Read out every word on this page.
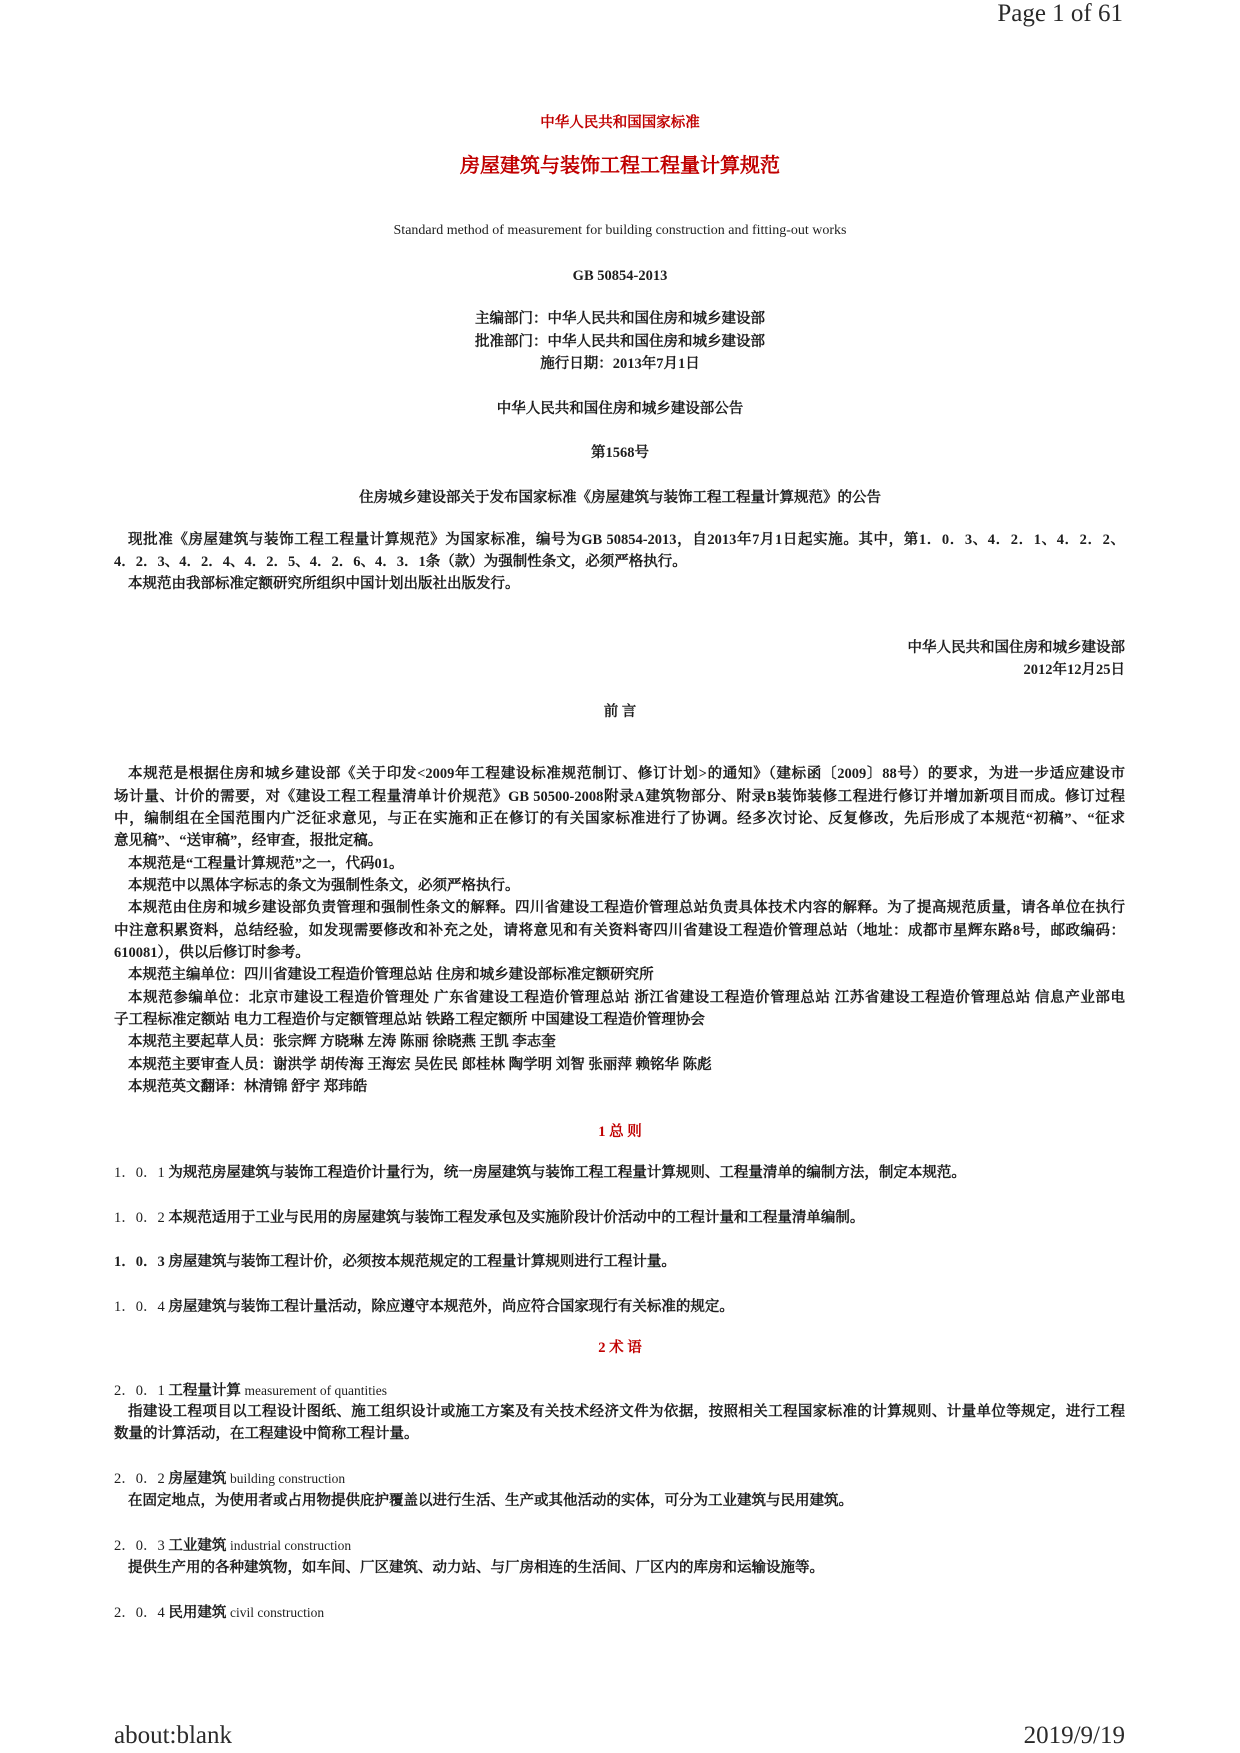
Page 1 of 61
中华人民共和国国家标准
房屋建筑与装饰工程工程量计算规范
Standard method of measurement for building construction and fitting-out works
GB 50854-2013
主编部门：中华人民共和国住房和城乡建设部
批准部门：中华人民共和国住房和城乡建设部
施行日期：2013年7月1日
中华人民共和国住房和城乡建设部公告
第1568号
住房城乡建设部关于发布国家标准《房屋建筑与装饰工程工程量计算规范》的公告
现批准《房屋建筑与装饰工程工程量计算规范》为国家标准，编号为GB 50854-2013，自2013年7月1日起实施。其中，第1．0．3、4．2．1、4．2．2、
4．2．3、4．2．4、4．2．5、4．2．6、4．3．1条（款）为强制性条文，必须严格执行。
本规范由我部标准定额研究所组织中国计划出版社出版发行。
中华人民共和国住房和城乡建设部
2012年12月25日
前 言
本规范是根据住房和城乡建设部《关于印发<2009年工程建设标准规范制订、修订计划>的通知》（建标函〔2009〕88号）的要求，为进一步适应建设市
场计量、计价的需要，对《建设工程工程量清单计价规范》GB 50500-2008附录A建筑物部分、附录B装饰装修工程进行修订并增加新项目而成。修订过程
中，编制组在全国范围内广泛征求意见，与正在实施和正在修订的有关国家标准进行了协调。经多次讨论、反复修改，先后形成了本规范“初稿”、“征求
意见稿”、“送审稿”，经审查，报批定稿。
本规范是“工程量计算规范”之一，代码01。
本规范中以黑体字标志的条文为强制性条文，必须严格执行。
本规范由住房和城乡建设部负责管理和强制性条文的解释。四川省建设工程造价管理总站负责具体技术内容的解释。为了提高规范质量，请各单位在执行
中注意积累资料，总结经验，如发现需要修改和补充之处，请将意见和有关资料寄四川省建设工程造价管理总站（地址：成都市星辉东路8号，邮政编码：
610081），供以后修订时参考。
本规范主编单位：四川省建设工程造价管理总站 住房和城乡建设部标准定额研究所
本规范参编单位：北京市建设工程造价管理处 广东省建设工程造价管理总站 浙江省建设工程造价管理总站 江苏省建设工程造价管理总站 信息产业部电
子工程标准定额站 电力工程造价与定额管理总站 铁路工程定额所 中国建设工程造价管理协会
本规范主要起草人员：张宗辉 方晓琳 左涛 陈丽 徐晓燕 王凯 李志奎
本规范主要审查人员：谢洪学 胡传海 王海宏 吴佐民 郎桂林 陶学明 刘智 张丽萍 赖铭华 陈彪
本规范英文翻译：林清锦 舒宇 郑玮皓
1 总 则
1．0．1 为规范房屋建筑与装饰工程造价计量行为，统一房屋建筑与装饰工程工程量计算规则、工程量清单的编制方法，制定本规范。
1．0．2 本规范适用于工业与民用的房屋建筑与装饰工程发承包及实施阶段计价活动中的工程计量和工程量清单编制。
1．0．3 房屋建筑与装饰工程计价，必须按本规范规定的工程量计算规则进行工程计量。
1．0．4 房屋建筑与装饰工程计量活动，除应遵守本规范外，尚应符合国家现行有关标准的规定。
2 术 语
2．0．1 工程量计算 measurement of quantities
指建设工程项目以工程设计图纸、施工组织设计或施工方案及有关技术经济文件为依据，按照相关工程国家标准的计算规则、计量单位等规定，进行工程
数量的计算活动，在工程建设中简称工程计量。
2．0．2 房屋建筑 building construction
在固定地点，为使用者或占用物提供庇护覆盖以进行生活、生产或其他活动的实体，可分为工业建筑与民用建筑。
2．0．3 工业建筑 industrial construction
提供生产用的各种建筑物，如车间、厂区建筑、动力站、与厂房相连的生活间、厂区内的库房和运输设施等。
2．0．4 民用建筑 civil construction
about:blank	2019/9/19
